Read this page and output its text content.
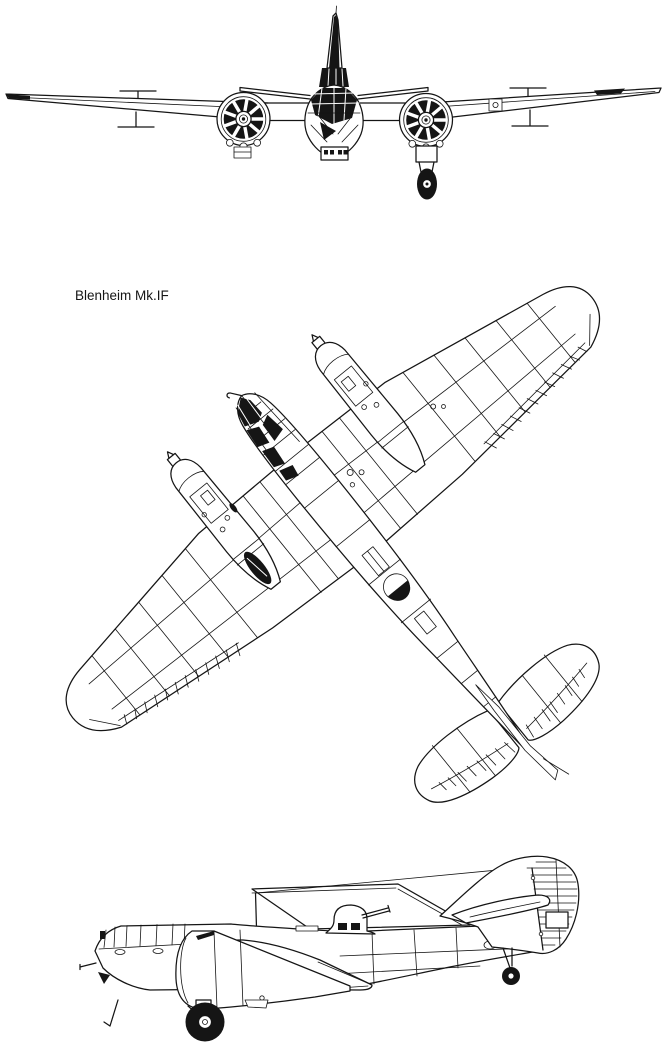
Blenheim Mk.IF
